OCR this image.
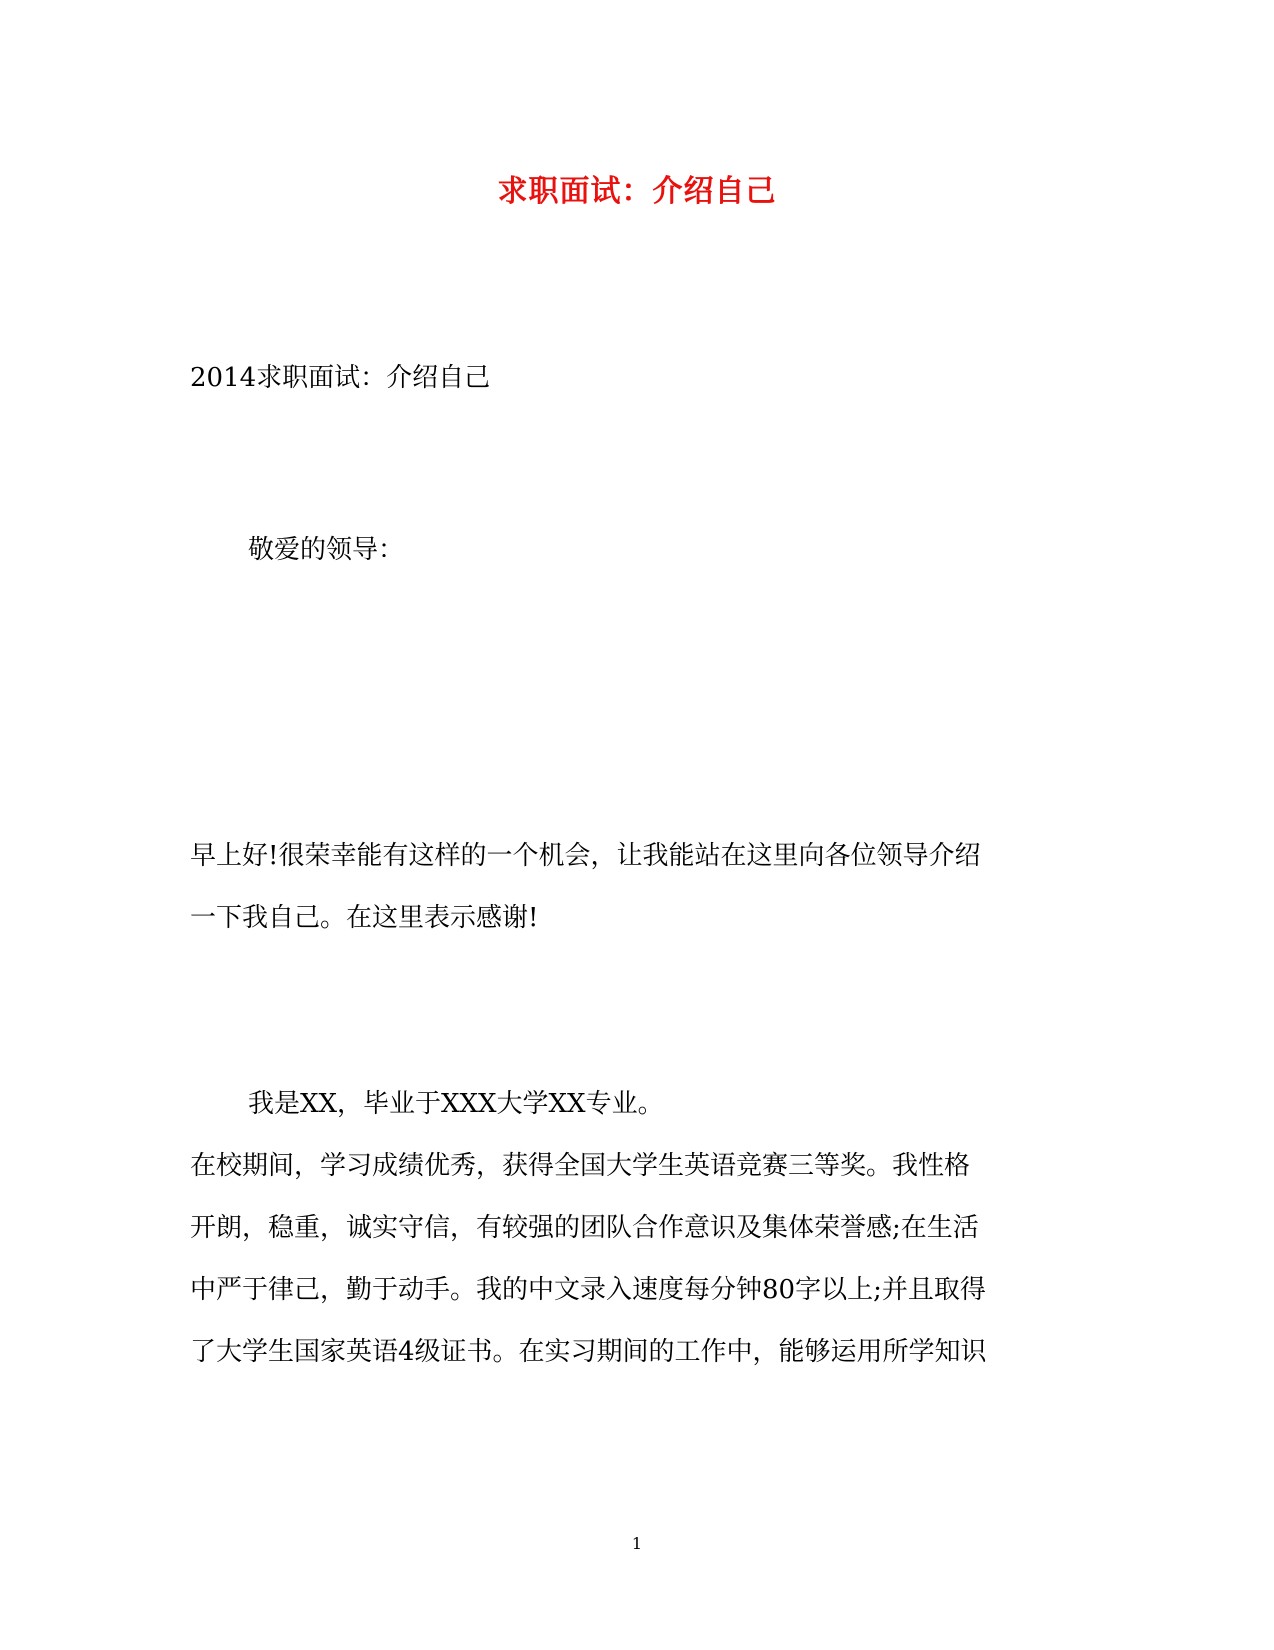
求职面试：介绍自己

2014求职面试：介绍自己

敬爱的领导：

早上好!很荣幸能有这样的一个机会，让我能站在这里向各位领导介绍

一下我自己。在这里表示感谢!

我是XX，毕业于XXX大学XX专业。

在校期间，学习成绩优秀，获得全国大学生英语竞赛三等奖。我性格

开朗，稳重，诚实守信，有较强的团队合作意识及集体荣誉感;在生活

中严于律己，勤于动手。我的中文录入速度每分钟80字以上;并且取得

了大学生国家英语4级证书。在实习期间的工作中，能够运用所学知识

1
